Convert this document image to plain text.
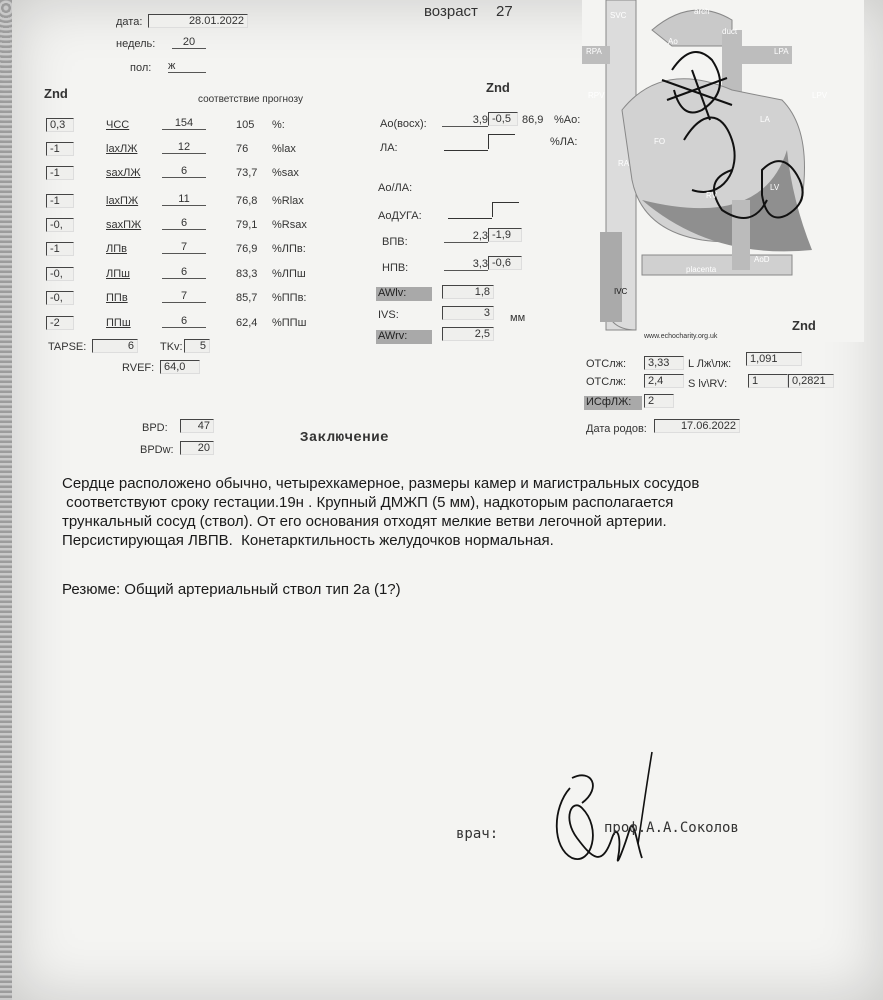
дата:	28.01.2022
недель:	20
пол: ж
возраст 27
Znd	соответствие прогнозу
0,3	ЧСС	154	105 %:
-1	laxЛЖ	12	76 %lax
-1	saxЛЖ	6	73,7 %sax
-1	laxПЖ	11	76,8 %Rlax
-0,	saxПЖ	6	79,1 %Rsax
-1	ЛПв	7	76,9 %ЛПв:
-0,	ЛПш	6	83,3 %ЛПш
-0,	ППв	7	85,7 %ППв:
-2	ППш	6	62,4 %ППш
TAPSE:	6	TKv:	5
RVEF: 64,0
Znd
Ао(восх):	3,9 -0,5	86,9 %Ао:
ЛА:	%ЛА:
Ао/ЛА:
АоДУГА:
ВПВ:	2,3 -1,9
НПВ:	3,3 -0,6
AWlv:	1,8
IVS:	3	мм
AWrv:	2,5
SVC	arch
duct
RPA
Ao
LPA
RPV	LPV
LA
FO
RA
LV
RV
placenta
AoD
IVC
www.echocharity.org.uk
Znd
ОТСлж:	3,33	L Лж\лж:	1,091
ОТСлж:	2,4	S lv\RV:	1	0,2821
ИСфЛЖ:	2
Дата родов:	17.06.2022
BPD:	47
BPDw:	20
Заключение
Сердце расположено обычно, четырехкамерное, размеры камер и магистральных сосудов
соответствуют сроку гестации.19н . Крупный ДМЖП (5 мм), надкоторым располагается
трункальный сосуд (ствол). От его основания отходят мелкие ветви легочной артерии.
Персистирующая ЛВПВ.  Конетарктильность желудочков нормальная.
Резюме: Общий артериальный ствол тип 2а (1?)
врач:	проф.А.А.Соколов
